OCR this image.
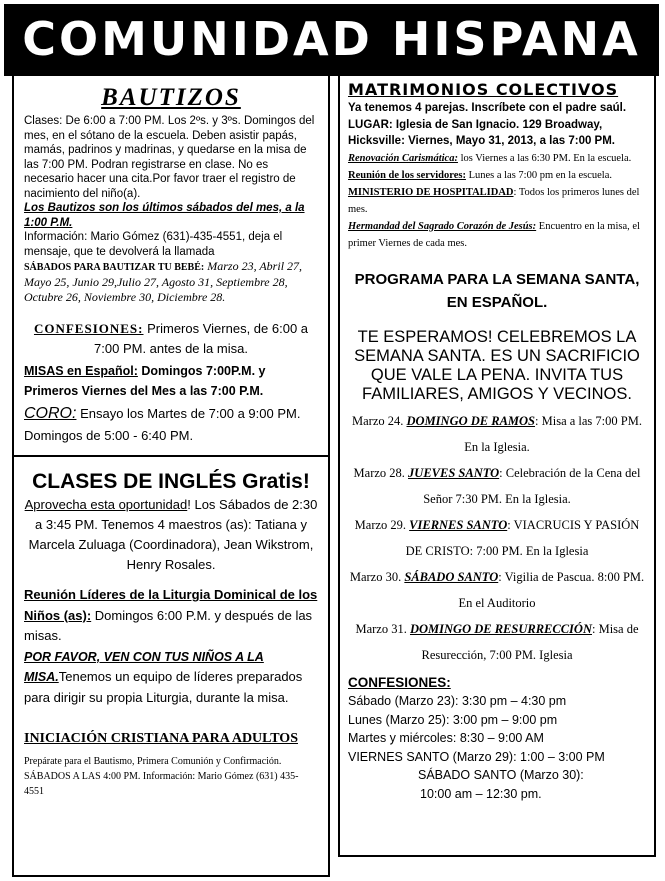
COMUNIDAD HISPANA

BAUTIZOS

Clases: De 6:00 a 7:00 PM. Los 2ºs. y 3ºs. Domingos del mes, en el sótano de la escuela. Deben asistir papás, mamás, padrinos y madrinas, y quedarse en la misa de las 7:00 PM. Podran registrarse en clase. No es necesario hacer una cita.Por favor traer el registro de nacimiento del niño(a).

Los Bautizos son los últimos sábados del mes, a la 1:00 P.M.

Información: Mario Gómez (631)-435-4551, deja el mensaje, que te devolverá la llamada

SÁBADOS PARA BAUTIZAR TU BEBÉ: Marzo 23, Abril 27, Mayo 25, Junio 29,Julio 27, Agosto 31, Septiembre 28, Octubre 26, Noviembre 30, Diciembre 28.

CONFESIONES: Primeros Viernes, de 6:00 a 7:00 PM. antes de la misa.

MISAS en Español: Domingos 7:00P.M. y Primeros Viernes del Mes a las 7:00 P.M.

CORO: Ensayo los Martes de 7:00 a 9:00 PM. Domingos de 5:00 - 6:40 PM.

CLASES DE INGLÉS Gratis!

Aprovecha esta oportunidad! Los Sábados de 2:30 a 3:45 PM. Tenemos 4 maestros (as): Tatiana y Marcela Zuluaga (Coordinadora), Jean Wikstrom, Henry Rosales.

Reunión Líderes de la Liturgia Dominical de los Niños (as): Domingos 6:00 P.M. y después de las misas.

POR FAVOR, VEN CON TUS NIÑOS A LA MISA.Tenemos un equipo de líderes preparados para dirigir su propia Liturgia, durante la misa.

INICIACIÓN CRISTIANA PARA ADULTOS

Prepárate para el Bautismo, Primera Comunión y Confirmación. SÁBADOS A LAS 4:00 PM. Información: Mario Gómez (631) 435-4551

MATRIMONIOS COLECTIVOS

Ya tenemos 4 parejas. Inscríbete con el padre saúl. LUGAR: Iglesia de San Ignacio. 129 Broadway, Hicksville: Viernes, Mayo 31, 2013, a las 7:00 PM.

Renovación Carismática: los Viernes a las 6:30 PM. En la escuela.

Reunión de los servidores: Lunes a las 7:00 pm en la escuela.

MINISTERIO DE HOSPITALIDAD: Todos los primeros lunes del mes.

Hermandad del Sagrado Corazón de Jesús: Encuentro en la misa, el primer Viernes de cada mes.

PROGRAMA PARA LA SEMANA SANTA, EN ESPAÑOL.

TE ESPERAMOS! CELEBREMOS LA SEMANA SANTA. ES UN SACRIFICIO QUE VALE LA PENA. INVITA TUS FAMILIARES, AMIGOS Y VECINOS.

Marzo 24. DOMINGO DE RAMOS: Misa a las 7:00 PM. En la Iglesia.

Marzo 28. JUEVES SANTO: Celebración de la Cena del Señor 7:30 PM. En la Iglesia.

Marzo 29. VIERNES SANTO: VIACRUCIS Y PASIÓN DE CRISTO: 7:00 PM. En la Iglesia

Marzo 30. SÁBADO SANTO: Vigilia de Pascua. 8:00 PM. En el Auditorio

Marzo 31. DOMINGO DE RESURRECCIÓN: Misa de Resurección, 7:00 PM. Iglesia

CONFESIONES:

Sábado (Marzo 23): 3:30 pm – 4:30 pm

Lunes (Marzo 25): 3:00 pm – 9:00 pm

Martes y miércoles: 8:30 – 9:00 AM

VIERNES SANTO (Marzo 29): 1:00 – 3:00 PM

SÁBADO SANTO (Marzo 30):

10:00 am – 12:30 pm.
